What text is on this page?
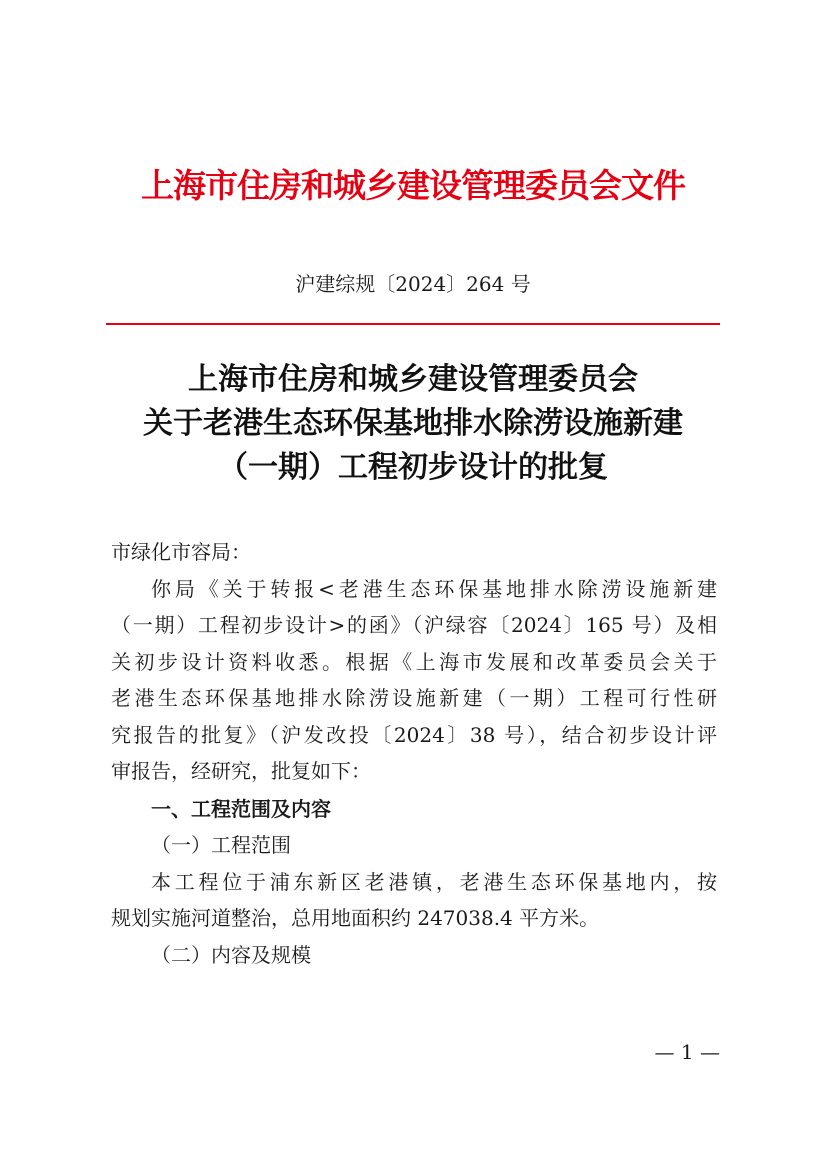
上海市住房和城乡建设管理委员会文件
沪建综规〔2024〕264 号
上海市住房和城乡建设管理委员会
关于老港生态环保基地排水除涝设施新建
（一期）工程初步设计的批复
市绿化市容局：
你局《关于转报<老港生态环保基地排水除涝设施新建
（一期）工程初步设计>的函》（沪绿容〔2024〕165 号）及相
关初步设计资料收悉。根据《上海市发展和改革委员会关于
老港生态环保基地排水除涝设施新建（一期）工程可行性研
究报告的批复》（沪发改投〔2024〕38 号），结合初步设计评
审报告，经研究，批复如下：
一、工程范围及内容
（一）工程范围
本工程位于浦东新区老港镇，老港生态环保基地内，按
规划实施河道整治，总用地面积约 247038.4 平方米。
（二）内容及规模
— 1 —
